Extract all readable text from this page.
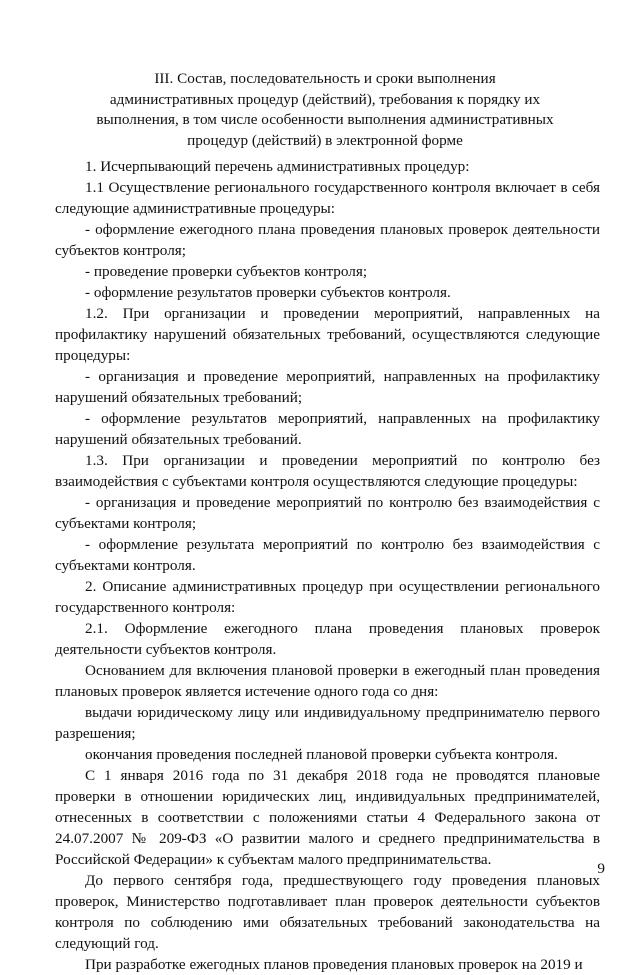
III. Состав, последовательность и сроки выполнения административных процедур (действий), требования к порядку их выполнения, в том числе особенности выполнения административных процедур (действий) в электронной форме

1. Исчерпывающий перечень административных процедур:

1.1 Осуществление регионального государственного контроля включает в себя следующие административные процедуры:

- оформление ежегодного плана проведения плановых проверок деятельности субъектов контроля;

- проведение проверки субъектов контроля;

- оформление результатов проверки субъектов контроля.

1.2. При организации и проведении мероприятий, направленных на профилактику нарушений обязательных требований, осуществляются следующие процедуры:

- организация и проведение мероприятий, направленных на профилактику нарушений обязательных требований;

- оформление результатов мероприятий, направленных на профилактику нарушений обязательных требований.

1.3. При организации и проведении мероприятий по контролю без взаимодействия с субъектами контроля осуществляются следующие процедуры:

- организация и проведение мероприятий по контролю без взаимодействия с субъектами контроля;

- оформление результата мероприятий по контролю без взаимодействия с субъектами контроля.

2. Описание административных процедур при осуществлении регионального государственного контроля:

2.1. Оформление ежегодного плана проведения плановых проверок деятельности субъектов контроля.

Основанием для включения плановой проверки в ежегодный план проведения плановых проверок является истечение одного года со дня:

выдачи юридическому лицу или индивидуальному предпринимателю первого разрешения;

окончания проведения последней плановой проверки субъекта контроля.

С 1 января 2016 года по 31 декабря 2018 года не проводятся плановые проверки в отношении юридических лиц, индивидуальных предпринимателей, отнесенных в соответствии с положениями статьи 4 Федерального закона от 24.07.2007 № 209-ФЗ «О развитии малого и среднего предпринимательства в Российской Федерации» к субъектам малого предпринимательства.

До первого сентября года, предшествующего году проведения плановых проверок, Министерство подготавливает план проверок деятельности субъектов контроля по соблюдению ими обязательных требований законодательства на следующий год.

При разработке ежегодных планов проведения плановых проверок на 2019 и

9
